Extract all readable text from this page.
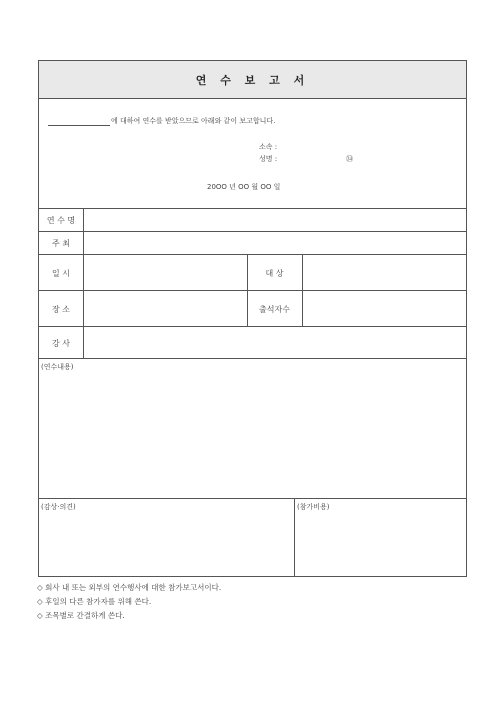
연 수 보 고 서
에 대하여 연수를 받았으므로 아래와 같이 보고합니다.
소속 :
성명 :	㉞
20OO 년 OO 월 OO 일
연 수 명
주 최
일 시	대 상
장 소	출석자수
강 사
(연수내용)
(감상·의견)	(참가비용)
◇ 회사 내 또는 외부의 연수행사에 대한 참가보고서이다.
◇ 후일의 다른 참가자를 위해 쓴다.
◇ 조목별로 간결하게 쓴다.
